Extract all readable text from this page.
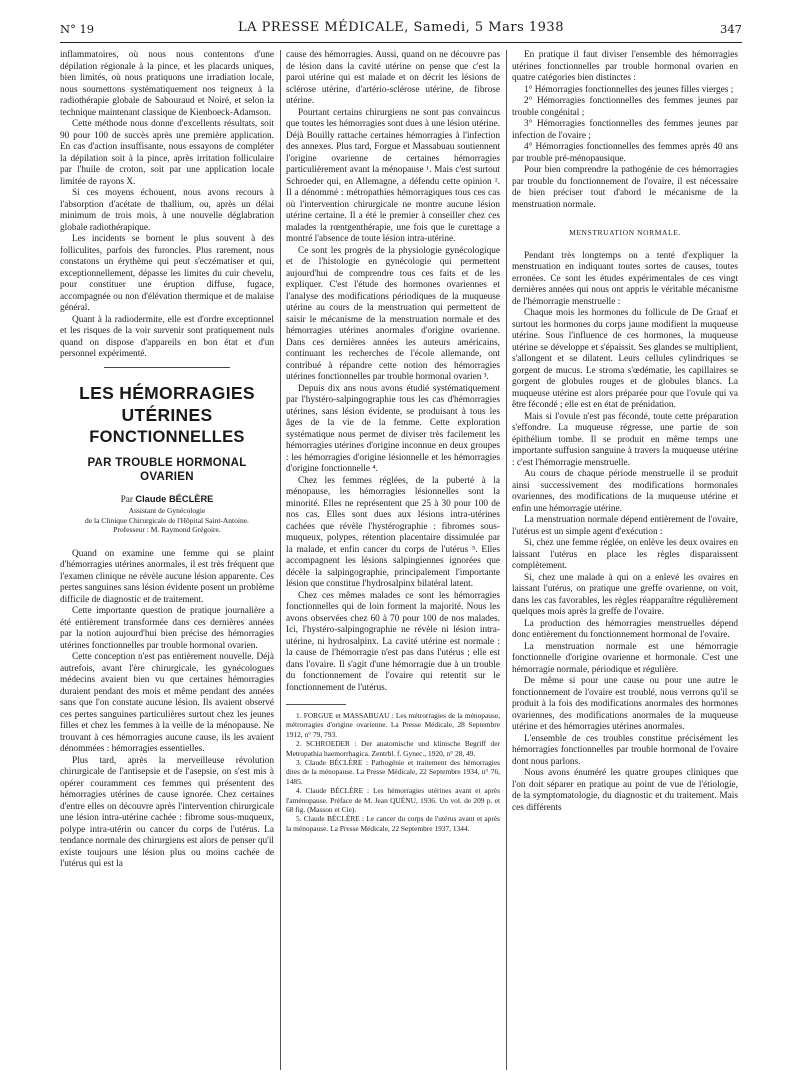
N° 19	LA PRESSE MÉDICALE, Samedi, 5 Mars 1938	347

inflammatoires, où nous nous contentons d'une dépilation régionale à la pince, et les placards uniques, bien limités, où nous pratiquons une irradiation locale, nous soumettons systématiquement nos teigneux à la radiothérapie globale de Sabouraud et Noiré, et selon la technique maintenant classique de Kienboeck-Adamson.

Cette méthode nous donne d'excellents résultats, soit 90 pour 100 de succès après une première application. En cas d'action insuffisante, nous essayons de compléter la dépilation soit à la pince, après irritation folliculaire par l'huile de croton, soit par une application locale limitée de rayons X.

Si ces moyens échouent, nous avons recours à l'absorption d'acétate de thallium, ou, après un délai minimum de trois mois, à une nouvelle déglabration globale radiothérapique.

Les incidents se bornent le plus souvent à des folliculites, parfois des furoncles. Plus rarement, nous constatons un érythème qui peut s'eczématiser et qui, exceptionnellement, dépasse les limites du cuir chevelu, pour constituer une éruption diffuse, fugace, accompagnée ou non d'élévation thermique et de malaise général.

Quant à la radiodermite, elle est d'ordre exceptionnel et les risques de la voir survenir sont pratiquement nuls quand on dispose d'appareils en bon état et d'un personnel expérimenté.

LES HÉMORRAGIES UTÉRINES
FONCTIONNELLES
PAR TROUBLE HORMONAL
OVARIEN
Par Claude BÉCLÈRE
Assistant de Gynécologie
de la Clinique Chirurgicale de l'Hôpital Saint-Antoine.
Professeur : M. Raymond Grégoire.

Quand on examine une femme qui se plaint d'hémorragies utérines anormales, il est très fréquent que l'examen clinique ne révèle aucune lésion apparente. Ces pertes sanguines sans lésion évidente posent un problème difficile de diagnostic et de traitement.

Cette importante question de pratique journalière a été entièrement transformée dans ces dernières années par la notion aujourd'hui bien précise des hémorragies utérines fonctionnelles par trouble hormonal ovarien.

Cette conception n'est pas entièrement nouvelle. Déjà autrefois, avant l'ère chirurgicale, les gynécologues médecins avaient bien vu que certaines hémorragies duraient pendant des mois et même pendant des années sans que l'on constate aucune lésion. Ils avaient observé ces pertes sanguines particulières surtout chez les jeunes filles et chez les femmes à la veille de la ménopause. Ne trouvant à ces hémorragies aucune cause, ils les avaient dénommées : hémorragies essentielles.

Plus tard, après la merveilleuse révolution chirurgicale de l'antisepsie et de l'asepsie, on s'est mis à opérer couramment ces femmes qui présentent des hémorragies utérines de cause ignorée. Chez certaines d'entre elles on découvre après l'intervention chirurgicale une lésion intra-utérine cachée : fibrome sous-muqueux, polype intra-utérin ou cancer du corps de l'utérus. La tendance normale des chirurgiens est alors de penser qu'il existe toujours une lésion plus ou moins cachée de l'utérus qui est la

cause des hémorragies. Aussi, quand on ne découvre pas de lésion dans la cavité utérine on pense que c'est la paroi utérine qui est malade et on décrit les lésions de sclérose utérine, d'artério-sclérose utérine, de fibrose utérine.

Pourtant certains chirurgiens ne sont pas convaincus que toutes les hémorragies sont dues à une lésion utérine. Déjà Bouilly rattache certaines hémorragies à l'infection des annexes. Plus tard, Forgue et Massabuau soutiennent l'origine ovarienne de certaines hémorragies particulièrement avant la ménopause ¹. Mais c'est surtout Schroeder qui, en Allemagne, a défendu cette opinion ². Il a dénommé : métropathies hémorragiques tous ces cas où l'intervention chirurgicale ne montre aucune lésion utérine certaine. Il a été le premier à conseiller chez ces malades la rœntgenthérapie, une fois que le curettage a montré l'absence de toute lésion intra-utérine.

Ce sont les progrès de la physiologie gynécologique et de l'histologie en gynécologie qui permettent aujourd'hui de comprendre tous ces faits et de les expliquer. C'est l'étude des hormones ovariennes et l'analyse des modifications périodiques de la muqueuse utérine au cours de la menstruation qui permettent de saisir le mécanisme de la menstruation normale et des hémorragies utérines anormales d'origine ovarienne. Dans ces dernières années les auteurs américains, continuant les recherches de l'école allemande, ont contribué à répandre cette notion des hémorragies utérines fonctionnelles par trouble hormonal ovarien ³.

Depuis dix ans nous avons étudié systématiquement par l'hystéro-salpingographie tous les cas d'hémorragies utérines, sans lésion évidente, se produisant à tous les âges de la vie de la femme. Cette exploration systématique nous permet de diviser très facilement les hémorragies utérines d'origine inconnue en deux groupes : les hémorragies d'origine lésionnelle et les hémorragies d'origine fonctionnelle ⁴.

Chez les femmes réglées, de la puberté à la ménopause, les hémorragies lésionnelles sont la minorité. Elles ne représentent que 25 à 30 pour 100 de nos cas. Elles sont dues aux lésions intra-utérines cachées que révèle l'hystérographie : fibromes sous-muqueux, polypes, rétention placentaire dissimulée par la malade, et enfin cancer du corps de l'utérus ⁵. Elles accompagnent les lésions salpingiennes ignorées que décèle la salpingographie, principalement l'importante lésion que constitue l'hydrosalpinx bilatéral latent.

Chez ces mêmes malades ce sont les hémorragies fonctionnelles qui de loin forment la majorité. Nous les avons observées chez 60 à 70 pour 100 de nos malades. Ici, l'hystéro-salpingographie ne révèle ni lésion intra-utérine, ni hydrosalpinx. La cavité utérine est normale : la cause de l'hémorragie n'est pas dans l'utérus ; elle est dans l'ovaire. Il s'agit d'une hémorragie due à un trouble du fonctionnement de l'ovaire qui retentit sur le fonctionnement de l'utérus.

1. FORGUE et MASSABUAU : Les métrorragies de la ménopause, métrorragies d'origine ovarienne. La Presse Médicale, 28 Septembre 1912, n° 79, 793.
2. SCHROEDER : Der anatomische und klinische Begriff der Metropathia haemorrhagica. Zentrbl. f. Gynec., 1920, n° 28, 49.
3. Claude BÉCLÈRE : Pathogénie et traitement des hémorragies dites de la ménopause. La Presse Médicale, 22 Septembre 1934, n° 76, 1485.
4. Claude BÉCLÈRE : Les hémorragies utérines avant et après l'aménopause. Préface de M. Jean QUÉNU, 1936. Un vol. de 209 p. et 68 fig. (Masson et Cie).
5. Claude BÉCLÈRE : Le cancer du corps de l'utérus avant et après la ménopause. La Presse Médicale, 22 Septembre 1937, 1344.

En pratique il faut diviser l'ensemble des hémorragies utérines fonctionnelles par trouble hormonal ovarien en quatre catégories bien distinctes :

1° Hémorragies fonctionnelles des jeunes filles vierges ;

2° Hémorragies fonctionnelles des femmes jeunes par trouble congénital ;

3° Hémorragies fonctionnelles des femmes jeunes par infection de l'ovaire ;

4° Hémorragies fonctionnelles des femmes après 40 ans par trouble pré-ménopausique.

Pour bien comprendre la pathogénie de ces hémorragies par trouble du fonctionnement de l'ovaire, il est nécessaire de bien préciser tout d'abord le mécanisme de la menstruation normale.

MENSTRUATION NORMALE.

Pendant très longtemps on a tenté d'expliquer la menstruation en indiquant toutes sortes de causes, toutes erronées. Ce sont les études expérimentales de ces vingt dernières années qui nous ont appris le véritable mécanisme de l'hémorragie menstruelle :

Chaque mois les hormones du follicule de De Graaf et surtout les hormones du corps jaune modifient la muqueuse utérine. Sous l'influence de ces hormones, la muqueuse utérine se développe et s'épaissit. Ses glandes se multiplient, s'allongent et se dilatent. Leurs cellules cylindriques se gorgent de mucus. Le stroma s'œdématie, les capillaires se gorgent de globules rouges et de globules blancs. La muqueuse utérine est alors préparée pour que l'ovule qui va être fécondé ; elle est en état de prénidation.

Mais si l'ovule n'est pas fécondé, toute cette préparation s'effondre. La muqueuse régresse, une partie de son épithélium tombe. Il se produit en même temps une importante suffusion sanguine à travers la muqueuse utérine : c'est l'hémorragie menstruelle.

Au cours de chaque période menstruelle il se produit ainsi successivement des modifications hormonales ovariennes, des modifications de la muqueuse utérine et enfin une hémorragie utérine.

La menstruation normale dépend entièrement de l'ovaire, l'utérus est un simple agent d'exécution :

Si, chez une femme réglée, on enlève les deux ovaires en laissant l'utérus en place les règles disparaissent complètement.

Si, chez une malade à qui on a enlevé les ovaires en laissant l'utérus, on pratique une greffe ovarienne, on voit, dans les cas favorables, les règles réapparaître régulièrement quelques mois après la greffe de l'ovaire.

La production des hémorragies menstruelles dépend donc entièrement du fonctionnement hormonal de l'ovaire.

La menstruation normale est une hémorragie fonctionnelle d'origine ovarienne et hormonale. C'est une hémorragie normale, périodique et régulière.

De même si pour une cause ou pour une autre le fonctionnement de l'ovaire est troublé, nous verrons qu'il se produit à la fois des modifications anormales des hormones ovariennes, des modifications anormales de la muqueuse utérine et des hémorragies utérines anormales.

L'ensemble de ces troubles constitue précisément les hémorragies fonctionnelles par trouble hormonal de l'ovaire dont nous parlons.

Nous avons énuméré les quatre groupes cliniques que l'on doit séparer en pratique au point de vue de l'étiologie, de la symptomatologie, du diagnostic et du traitement. Mais ces différents
